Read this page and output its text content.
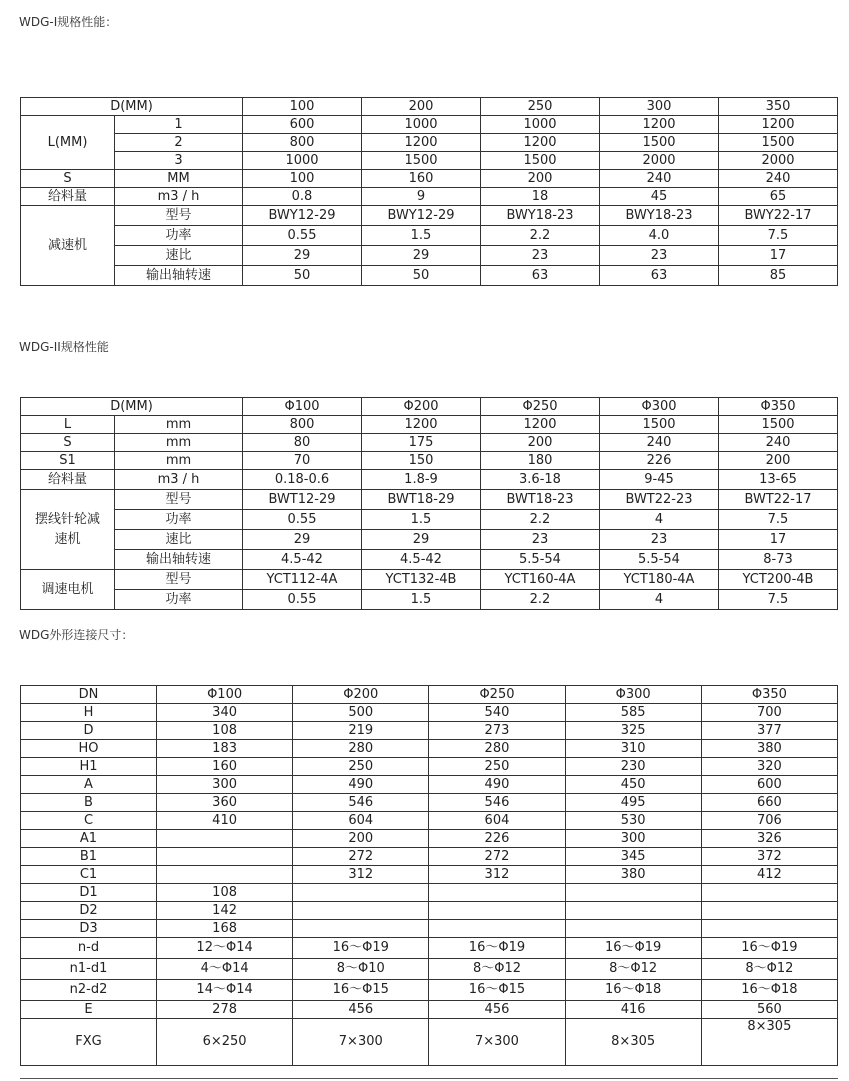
WDG-I规格性能：
D(MM)		100	200	250	300	350
L(MM)	1	600	1000	1000	1200	1200
	2	800	1200	1200	1500	1500
	3	1000	1500	1500	2000	2000
S	MM	100	160	200	240	240
给料量	m3 / h	0.8	9	18	45	65
减速机	型号	BWY12-29	BWY12-29	BWY18-23	BWY18-23	BWY22-17
	功率	0.55	1.5	2.2	4.0	7.5
	速比	29	29	23	23	17
	输出轴转速	50	50	63	63	85
WDG-II规格性能
D(MM)		Φ100	Φ200	Φ250	Φ300	Φ350
L	mm	800	1200	1200	1500	1500
S	mm	80	175	200	240	240
S1	mm	70	150	180	226	200
给料量	m3 / h	0.18-0.6	1.8-9	3.6-18	9-45	13-65
摆线针轮减速机	型号	BWT12-29	BWT18-29	BWT18-23	BWT22-23	BWT22-17
	功率	0.55	1.5	2.2	4	7.5
	速比	29	29	23	23	17
	输出轴转速	4.5-42	4.5-42	5.5-54	5.5-54	8-73
调速电机	型号	YCT112-4A	YCT132-4B	YCT160-4A	YCT180-4A	YCT200-4B
	功率	0.55	1.5	2.2	4	7.5
WDG外形连接尺寸：
DN	Φ100	Φ200	Φ250	Φ300	Φ350
H	340	500	540	585	700
D	108	219	273	325	377
HO	183	280	280	310	380
H1	160	250	250	230	320
A	300	490	490	450	600
B	360	546	546	495	660
C	410	604	604	530	706
A1		200	226	300	326
B1		272	272	345	372
C1		312	312	380	412
D1	108				
D2	142				
D3	168				
n-d	12～Φ14	16～Φ19	16～Φ19	16～Φ19	16～Φ19
n1-d1	4～Φ14	8～Φ10	8～Φ12	8～Φ12	8～Φ12
n2-d2	14～Φ14	16～Φ15	16～Φ15	16～Φ18	16～Φ18
E	278	456	456	416	560
FXG	6×250	7×300	7×300	8×305	8×305
